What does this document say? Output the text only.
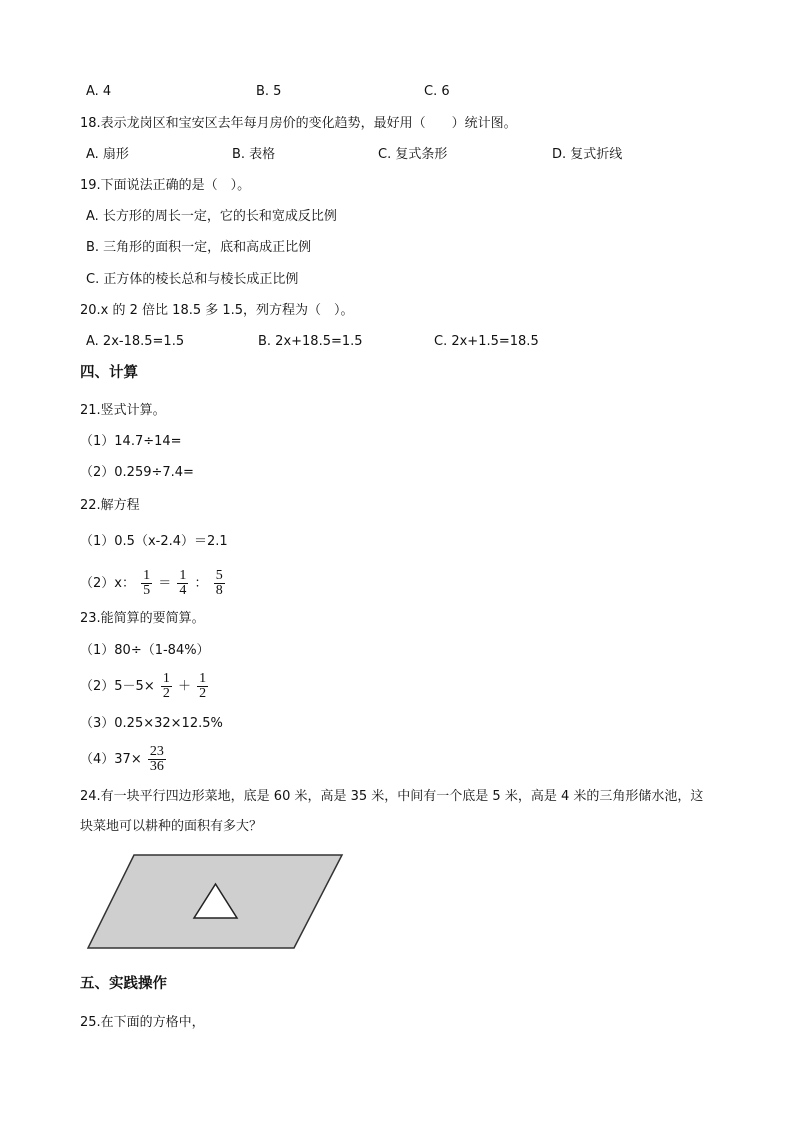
A. 4	B. 5	C. 6
18.表示龙岗区和宝安区去年每月房价的变化趋势，最好用（　　）统计图。
A. 扇形	B. 表格	C. 复式条形	D. 复式折线
19.下面说法正确的是（　）。
A. 长方形的周长一定，它的长和宽成反比例
B. 三角形的面积一定，底和高成正比例
C. 正方体的棱长总和与棱长成正比例
20.x 的 2 倍比 18.5 多 1.5，列方程为（　）。
A. 2x-18.5=1.5	B. 2x+18.5=1.5	C. 2x+1.5=18.5
四、计算
21.竖式计算。
（1）14.7÷14=
（2）0.259÷7.4=
22.解方程
（1）0.5（x-2.4）＝2.1
（2）x： $\frac{1}{5} = \frac{1}{4}$ ： $\frac{5}{8}$
23.能简算的要简算。
（1）80÷（1-84%）
$(2)5-5\times \frac{1}{2} + \frac{1}{2}$
（3）0.25×32×12.5%
$(4)37\times \frac{23}{36}$
24.有一块平行四边形菜地，底是 60 米，高是 35 米，中间有一个底是 5 米，高是 4 米的三角形储水池，这
块菜地可以耕种的面积有多大？
五、实践操作
25.在下面的方格中，
